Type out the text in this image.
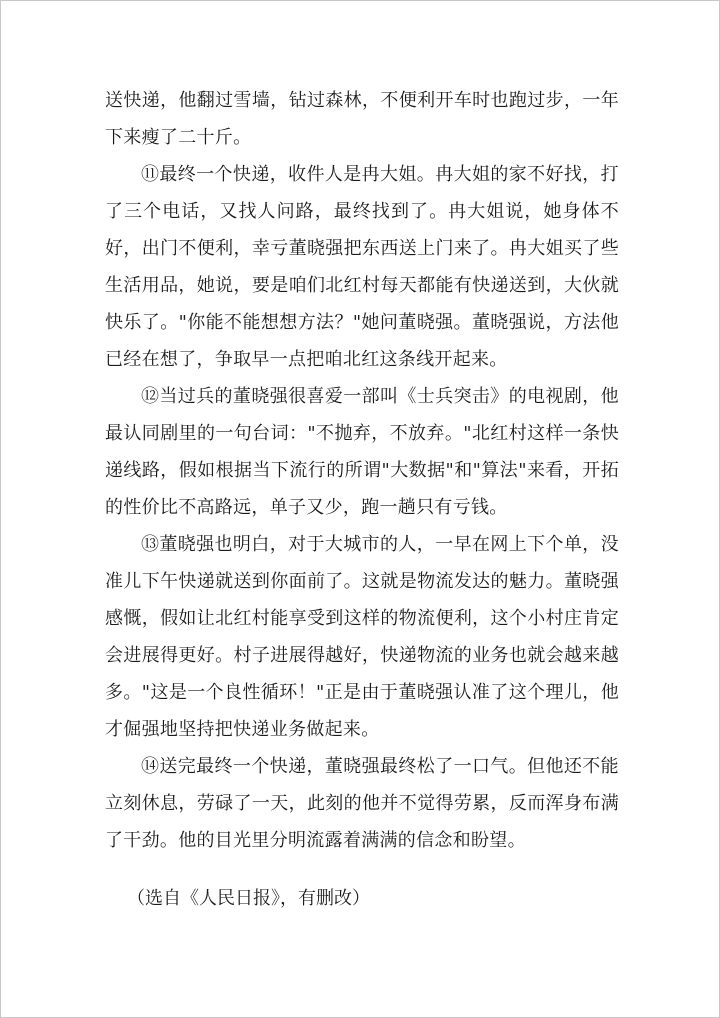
送快递，他翻过雪墙，钻过森林，不便利开车时也跑过步，一年下来瘦了二十斤。

⑪最终一个快递，收件人是冉大姐。冉大姐的家不好找，打了三个电话，又找人问路，最终找到了。冉大姐说，她身体不好，出门不便利，幸亏董晓强把东西送上门来了。冉大姐买了些生活用品，她说，要是咱们北红村每天都能有快递送到，大伙就快乐了。"你能不能想想方法？"她问董晓强。董晓强说，方法他已经在想了，争取早一点把咱北红这条线开起来。

⑫当过兵的董晓强很喜爱一部叫《士兵突击》的电视剧，他最认同剧里的一句台词："不抛弃，不放弃。"北红村这样一条快递线路，假如根据当下流行的所谓"大数据"和"算法"来看，开拓的性价比不高路远，单子又少，跑一趟只有亏钱。

⑬董晓强也明白，对于大城市的人，一早在网上下个单，没准儿下午快递就送到你面前了。这就是物流发达的魅力。董晓强感慨，假如让北红村能享受到这样的物流便利，这个小村庄肯定会进展得更好。村子进展得越好，快递物流的业务也就会越来越多。"这是一个良性循环！"正是由于董晓强认准了这个理儿，他才倔强地坚持把快递业务做起来。

⑭送完最终一个快递，董晓强最终松了一口气。但他还不能立刻休息，劳碌了一天，此刻的他并不觉得劳累，反而浑身布满了干劲。他的目光里分明流露着满满的信念和盼望。

（选自《人民日报》，有删改）
